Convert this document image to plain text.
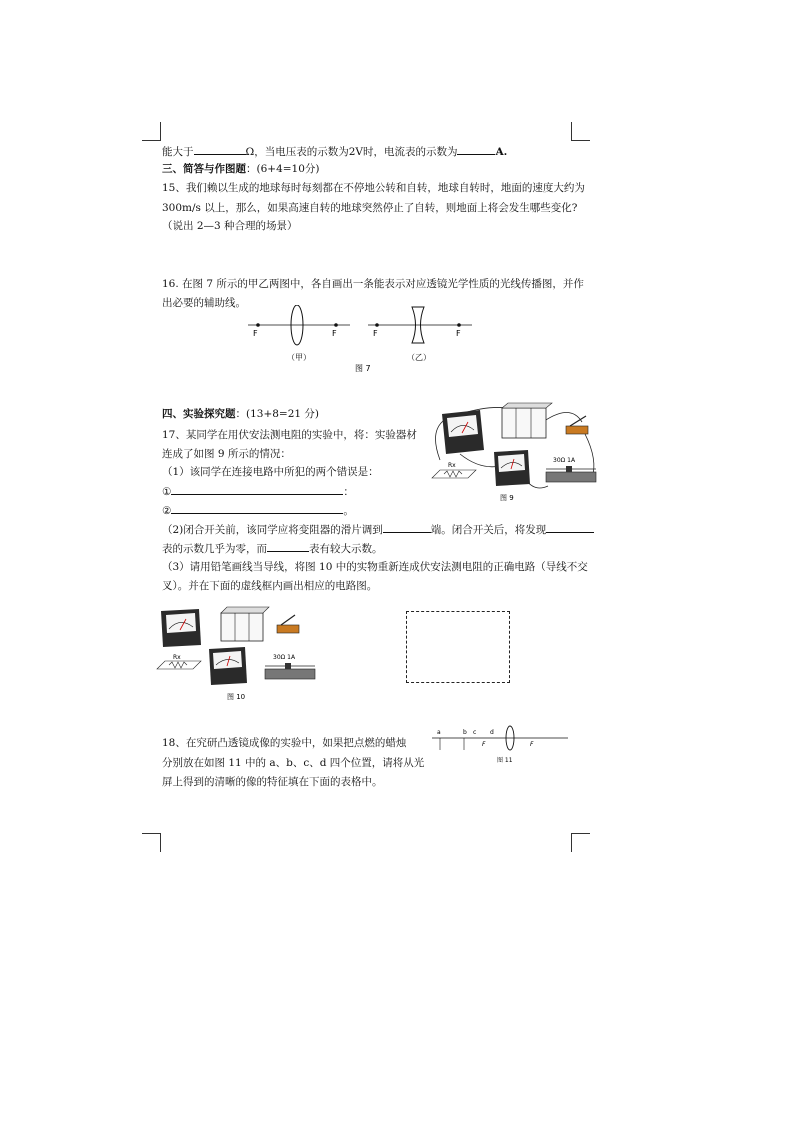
能大于	Ω，当电压表的示数为2V时，电流表的示数为	A.
三、简答与作图题：(6+4=10分)
15、我们赖以生成的地球每时每刻都在不停地公转和自转，地球自转时，地面的速度大约为
300m/s 以上，那么，如果高速自转的地球突然停止了自转，则地面上将会发生哪些变化?
（说出 2—3 种合理的场景）
16. 在图 7 所示的甲乙两图中，各自画出一条能表示对应透镜光学性质的光线传播图，并作
出必要的辅助线。
F	F
（甲）
F	F
（乙）
图 7
四、实验探究题：(13+8=21 分)
17、某同学在用伏安法测电阻的实验中，将：实验器材
连成了如图 9 所示的情况：
（1）该同学在连接电路中所犯的两个错误是：
①	：
②	。
（2)闭合开关前，该同学应将变阻器的滑片调到	端。闭合开关后，将发现
表的示数几乎为零，而	表有较大示数。
（3）请用铅笔画线当导线，将图 10 中的实物重新连成伏安法测电阻的正确电路（导线不交
叉）。并在下面的虚线框内画出相应的电路图。
Rx
30Ω 1A
图 9
Rx	30Ω 1A
图 10
18、在究研凸透镜成像的实验中，如果把点燃的蜡烛
分别放在如图 11 中的 a、b、c、d 四个位置，请将从光
屏上得到的清晰的像的特征填在下面的表格中。
a	b c d
F	F
图 11
